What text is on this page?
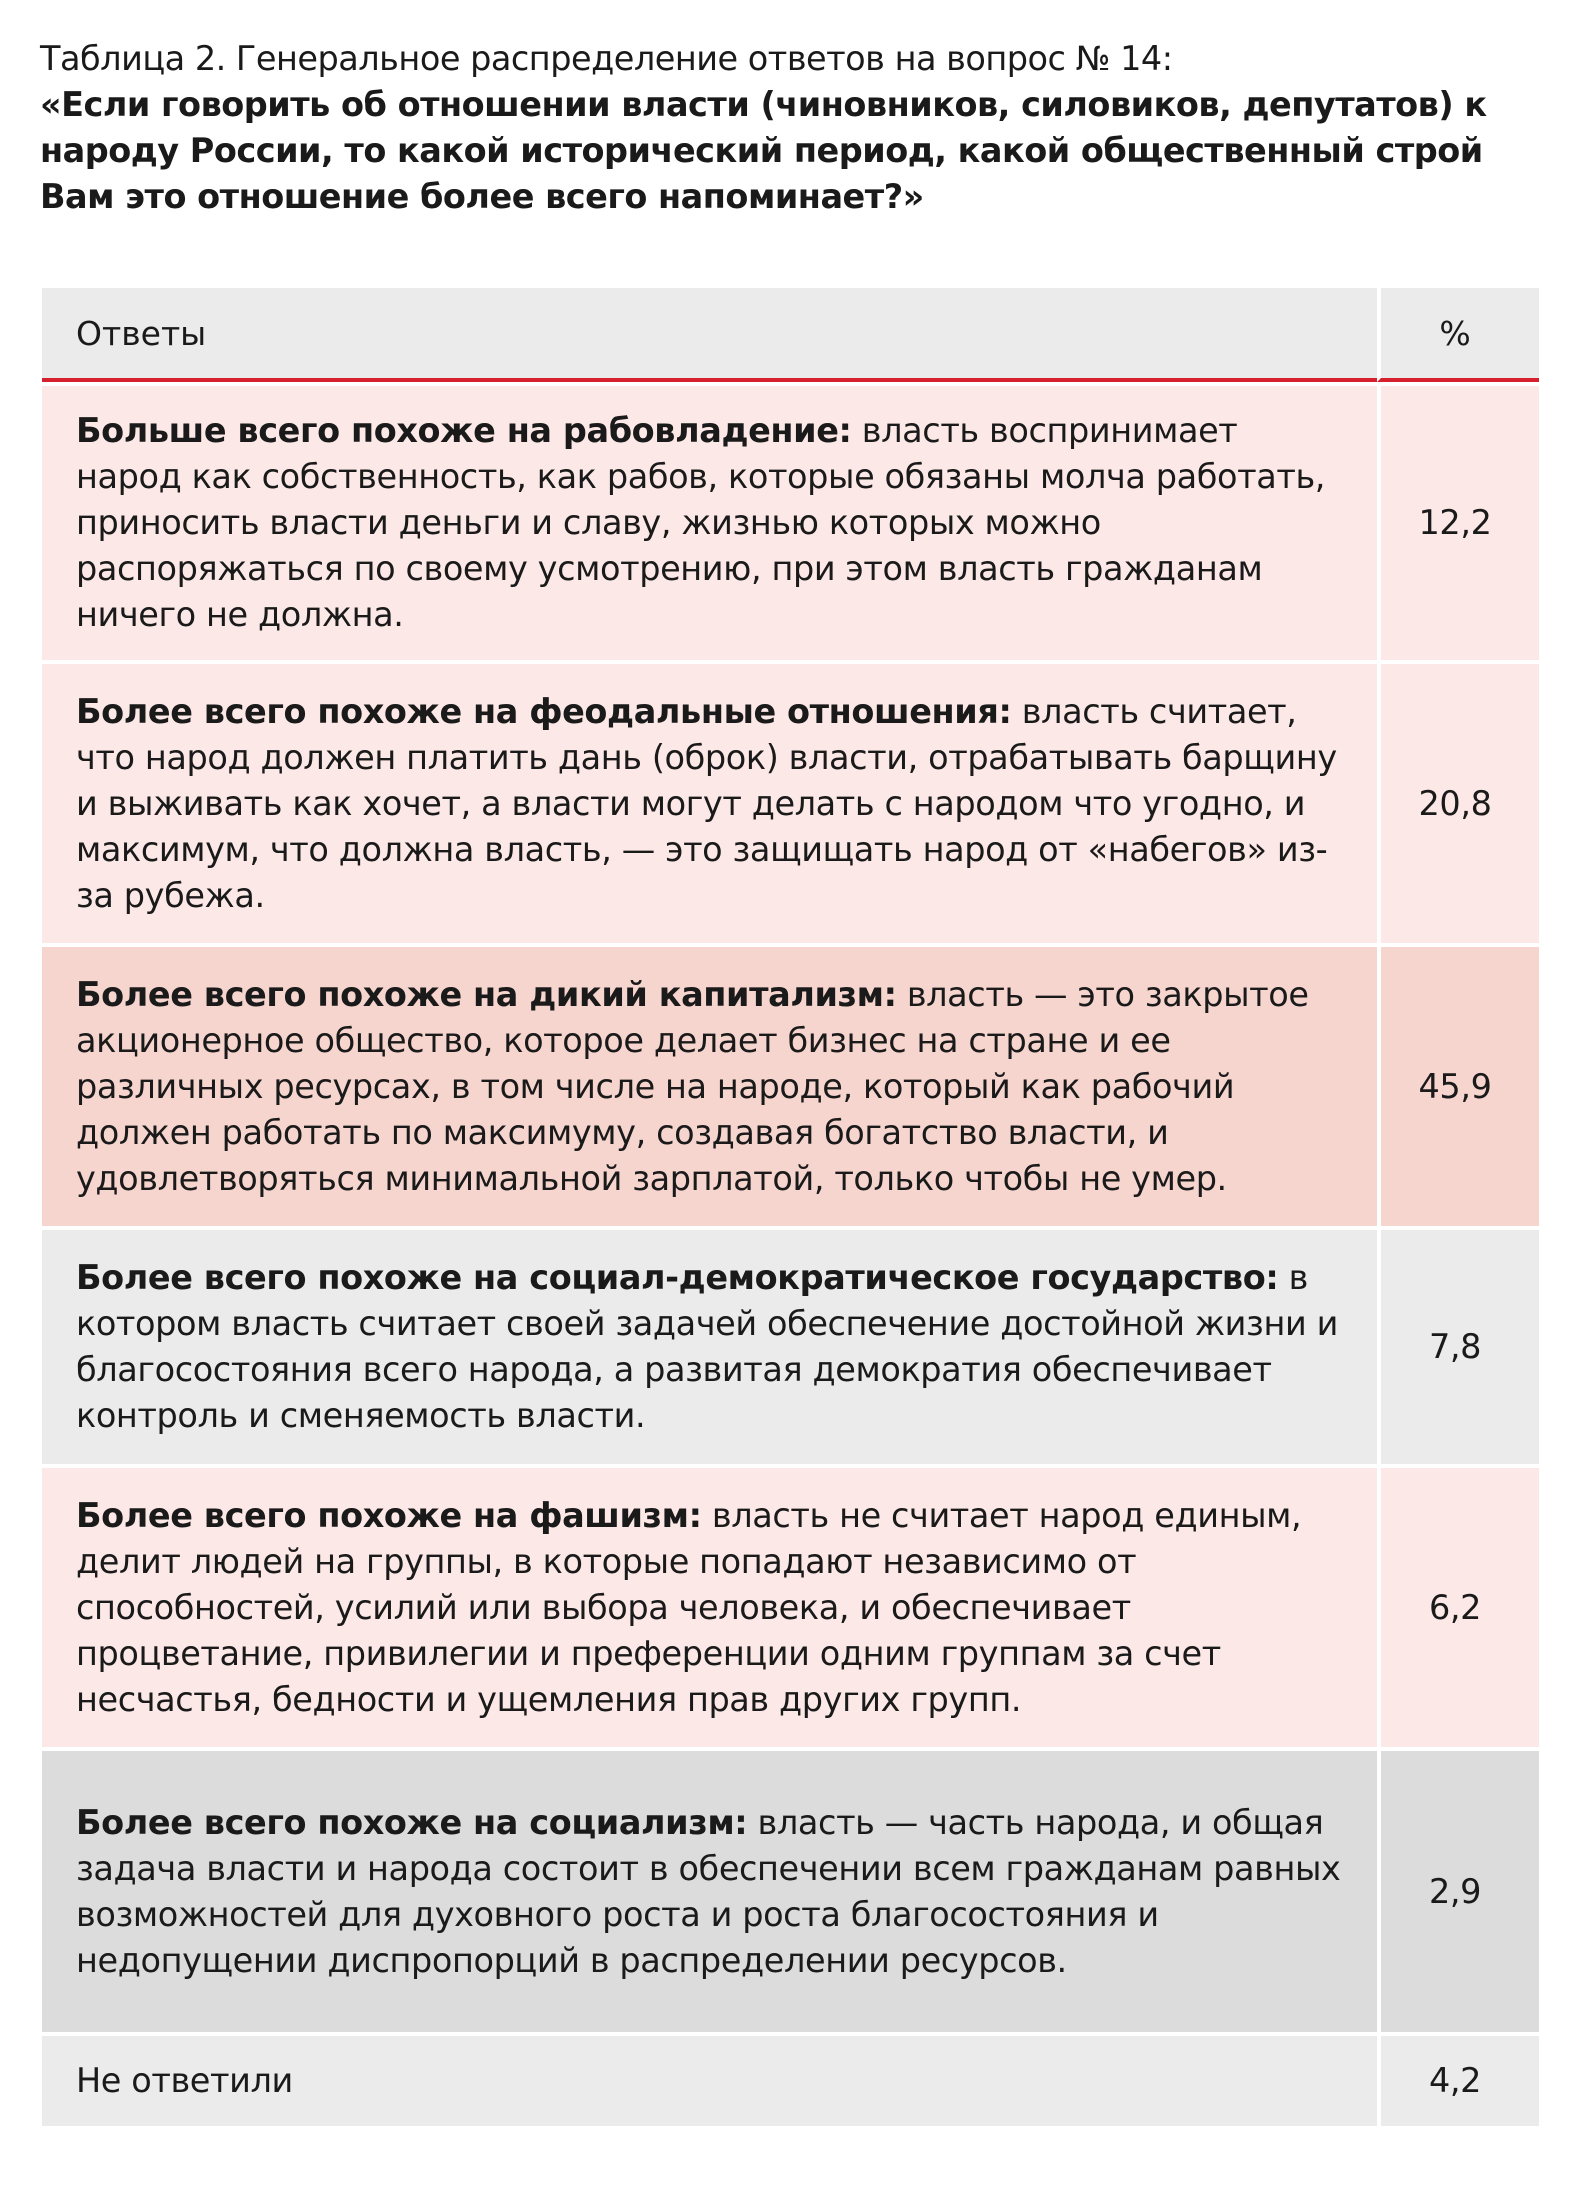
Таблица 2. Генеральное распределение ответов на вопрос № 14:
«Если говорить об отношении власти (чиновников, силовиков, депутатов) к народу России, то какой исторический период, какой общественный строй Вам это отношение более всего напоминает?»
Ответы	%
Больше всего похоже на рабовладение: власть воспринимает народ как собственность, как рабов, которые обязаны молча работать, приносить власти деньги и славу, жизнью которых можно распоряжаться по своему усмотрению, при этом власть гражданам ничего не должна.	12,2
Более всего похоже на феодальные отношения: власть считает, что народ должен платить дань (оброк) власти, отрабатывать барщину и выживать как хочет, а власти могут делать с народом что угодно, и максимум, что должна власть, — это защищать народ от «набегов» из-за рубежа.	20,8
Более всего похоже на дикий капитализм: власть — это закрытое акционерное общество, которое делает бизнес на стране и ее различных ресурсах, в том числе на народе, который как рабочий должен работать по максимуму, создавая богатство власти, и удовлетворяться минимальной зарплатой, только чтобы не умер.	45,9
Более всего похоже на социал-демократическое государство: в котором власть считает своей задачей обеспечение достойной жизни и благосостояния всего народа, а развитая демократия обеспечивает контроль и сменяемость власти.	7,8
Более всего похоже на фашизм: власть не считает народ единым, делит людей на группы, в которые попадают независимо от способностей, усилий или выбора человека, и обеспечивает процветание, привилегии и преференции одним группам за счет несчастья, бедности и ущемления прав других групп.	6,2
Более всего похоже на социализм: власть — часть народа, и общая задача власти и народа состоит в обеспечении всем гражданам равных возможностей для духовного роста и роста благосостояния и недопущении диспропорций в распределении ресурсов.	2,9
Не ответили	4,2
